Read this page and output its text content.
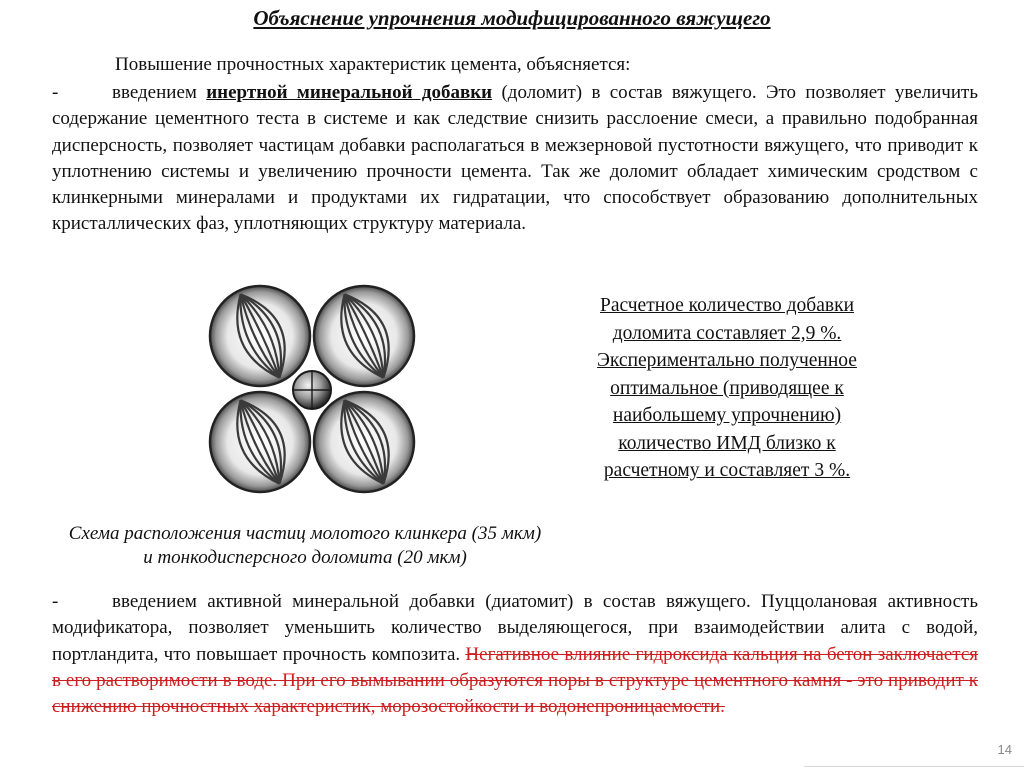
Объяснение упрочнения модифицированного вяжущего
Повышение прочностных характеристик цемента, объясняется:
-	введением инертной минеральной добавки (доломит) в состав вяжущего. Это позволяет увеличить содержание цементного теста в системе и как следствие снизить расслоение смеси, а правильно подобранная дисперсность, позволяет частицам добавки располагаться в межзерновой пустотности вяжущего, что приводит к уплотнению системы и увеличению прочности цемента. Так же доломит обладает химическим сродством с клинкерными минералами и продуктами их гидратации, что способствует образованию дополнительных кристаллических фаз, уплотняющих структуру материала.
Расчетное количество добавки
доломита составляет 2,9 %.
Экспериментально полученное
оптимальное (приводящее к
наибольшему упрочнению)
количество ИМД близко к
расчетному и составляет 3 %.
Схема расположения частиц молотого клинкера (35 мкм)
и тонкодисперсного доломита (20 мкм)
-	введением активной минеральной добавки (диатомит) в состав вяжущего. Пуццолановая активность модификатора, позволяет уменьшить количество выделяющегося, при взаимодействии алита с водой, портландита, что повышает прочность композита. Негативное влияние гидроксида кальция на бетон заключается в его растворимости в воде. При его вымывании образуются поры в структуре цементного камня - это приводит к снижению прочностных характеристик, морозостойкости и водонепроницаемости.
14
